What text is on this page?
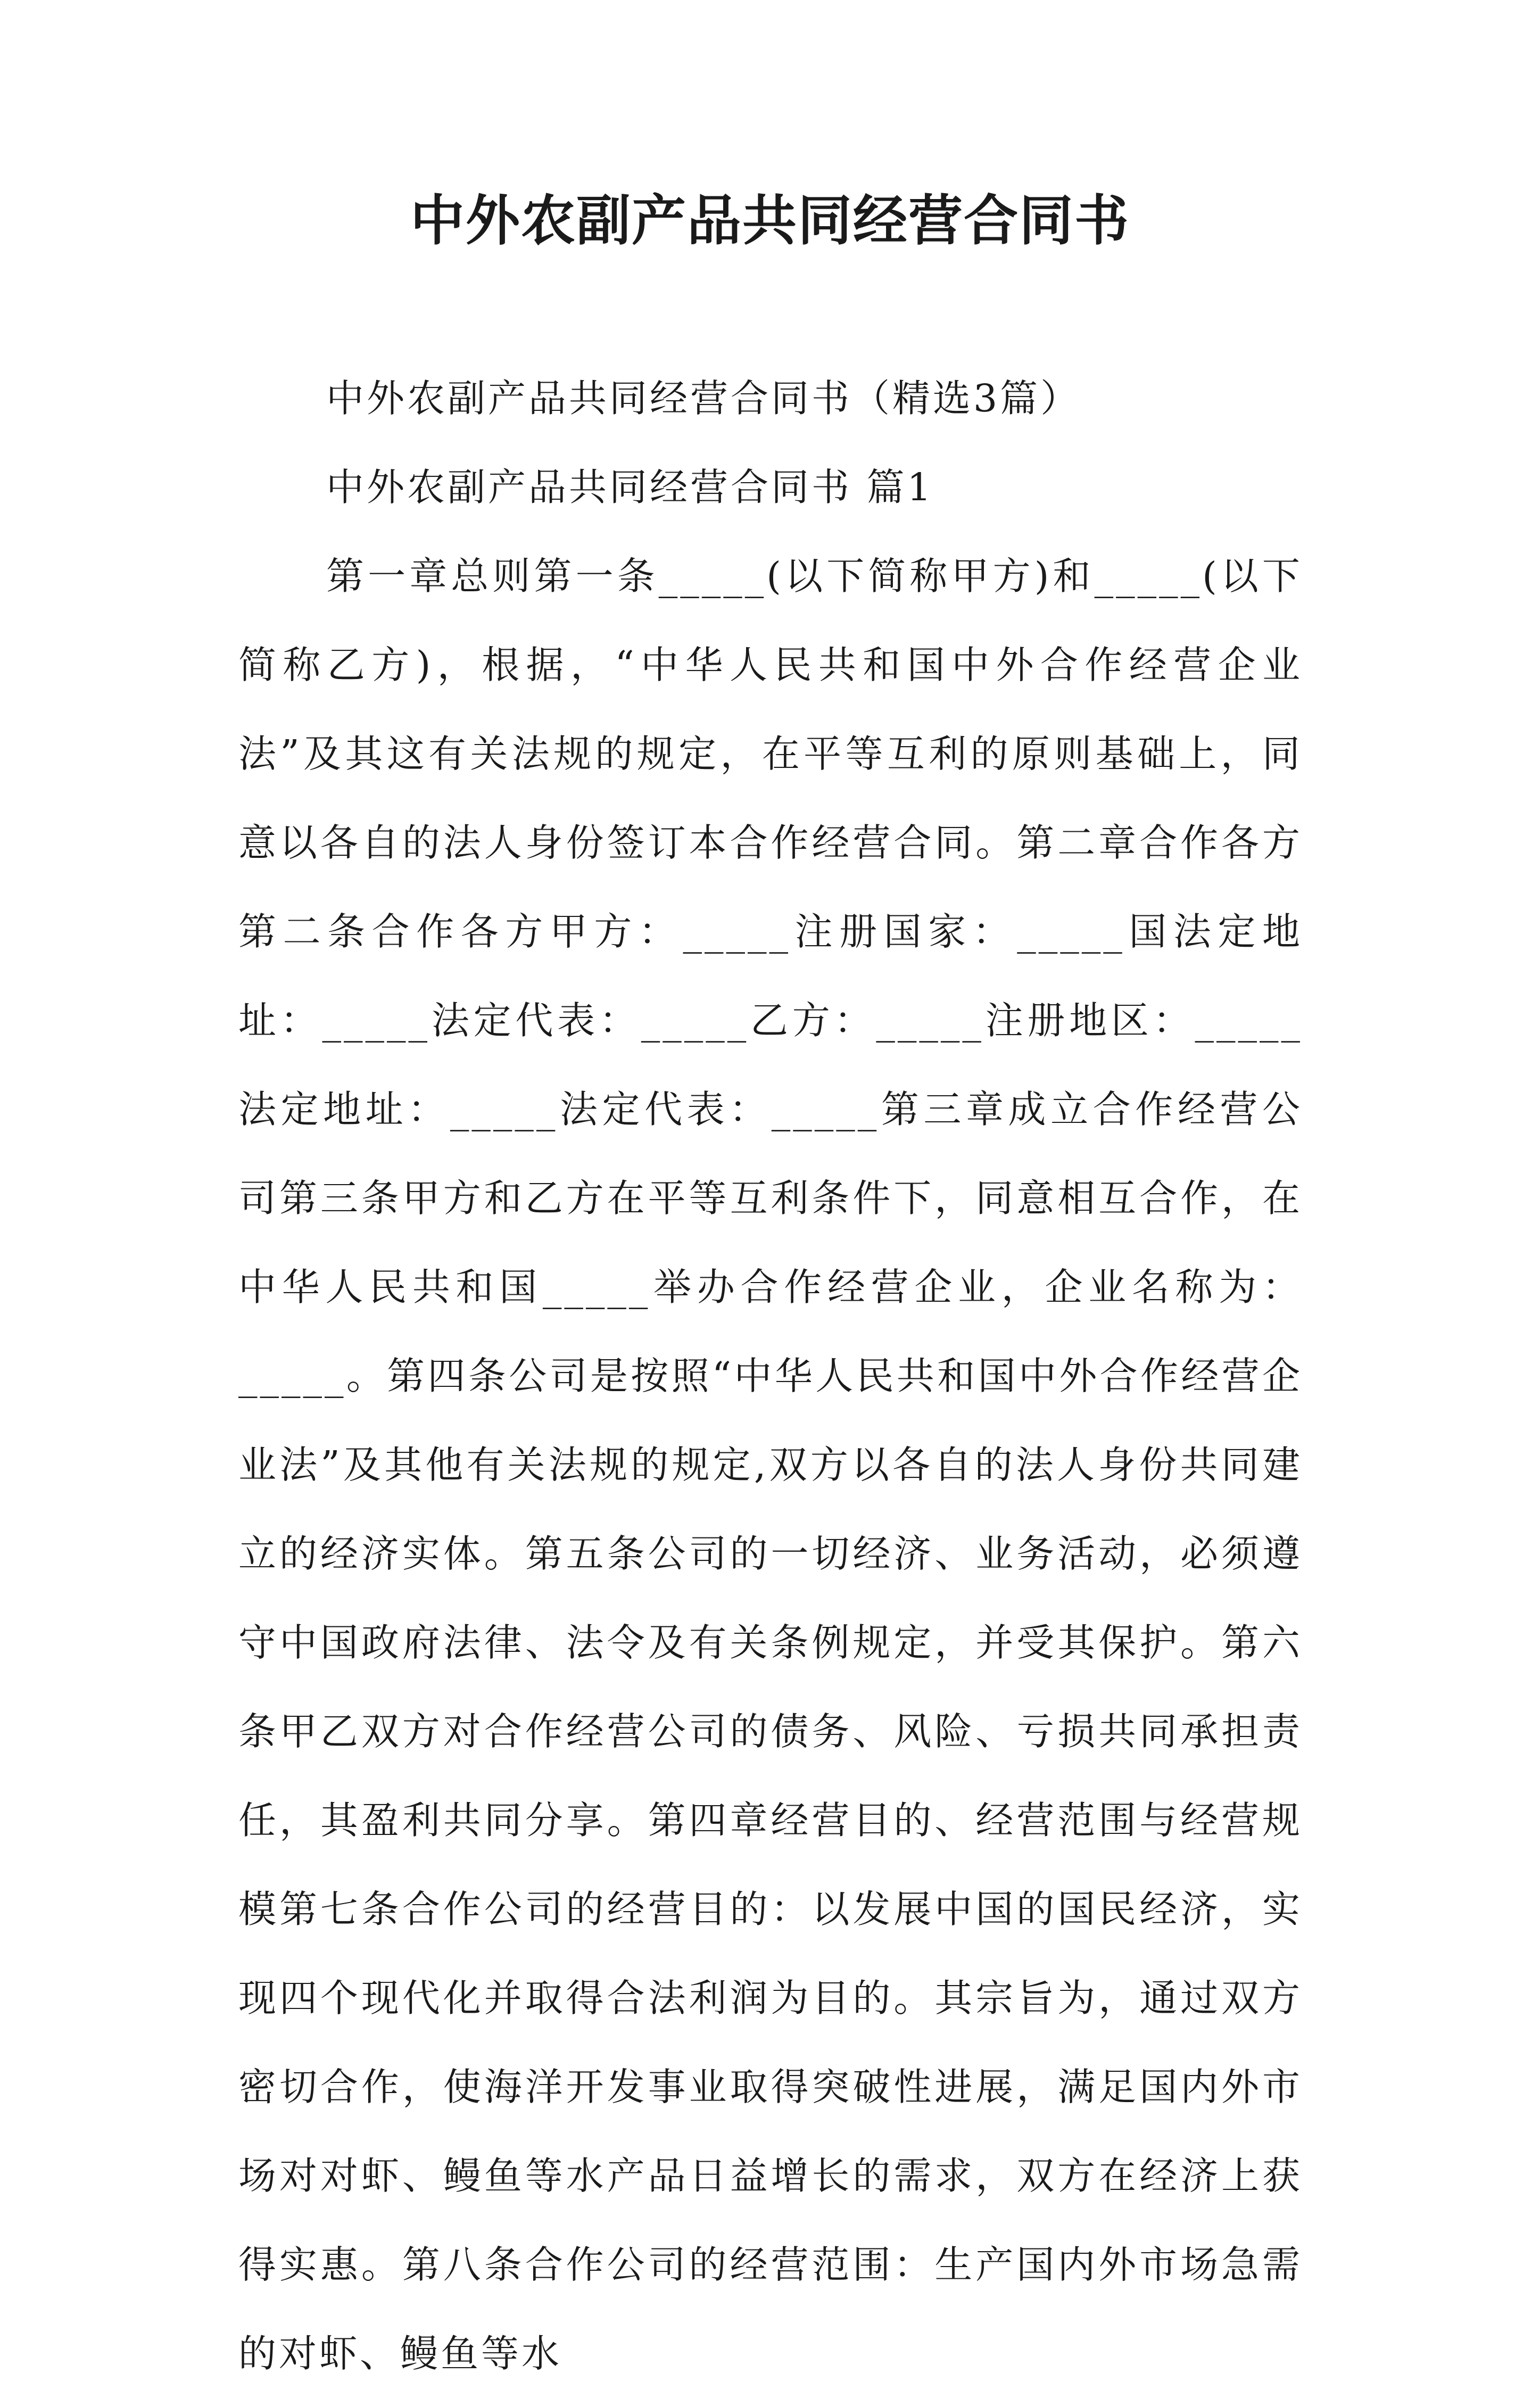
中外农副产品共同经营合同书

中外农副产品共同经营合同书（精选3篇）

中外农副产品共同经营合同书 篇1

第一章总则第一条_____(以下简称甲方)和_____(以下简称乙方)，根据，“中华人民共和国中外合作经营企业法”及其这有关法规的规定，在平等互利的原则基础上，同意以各自的法人身份签订本合作经营合同。第二章合作各方第二条合作各方甲方：_____注册国家：_____国法定地址：_____法定代表：_____乙方：_____注册地区：_____法定地址：_____法定代表：_____第三章成立合作经营公司第三条甲方和乙方在平等互利条件下，同意相互合作，在中华人民共和国_____举办合作经营企业，企业名称为：_____。第四条公司是按照“中华人民共和国中外合作经营企业法”及其他有关法规的规定,双方以各自的法人身份共同建立的经济实体。第五条公司的一切经济、业务活动，必须遵守中国政府法律、法令及有关条例规定，并受其保护。第六条甲乙双方对合作经营公司的债务、风险、亏损共同承担责任，其盈利共同分享。第四章经营目的、经营范围与经营规模第七条合作公司的经营目的：以发展中国的国民经济，实现四个现代化并取得合法利润为目的。其宗旨为，通过双方密切合作，使海洋开发事业取得突破性进展，满足国内外市场对对虾、鳗鱼等水产品日益增长的需求，双方在经济上获得实惠。第八条合作公司的经营范围：生产国内外市场急需的对虾、鳗鱼等水
